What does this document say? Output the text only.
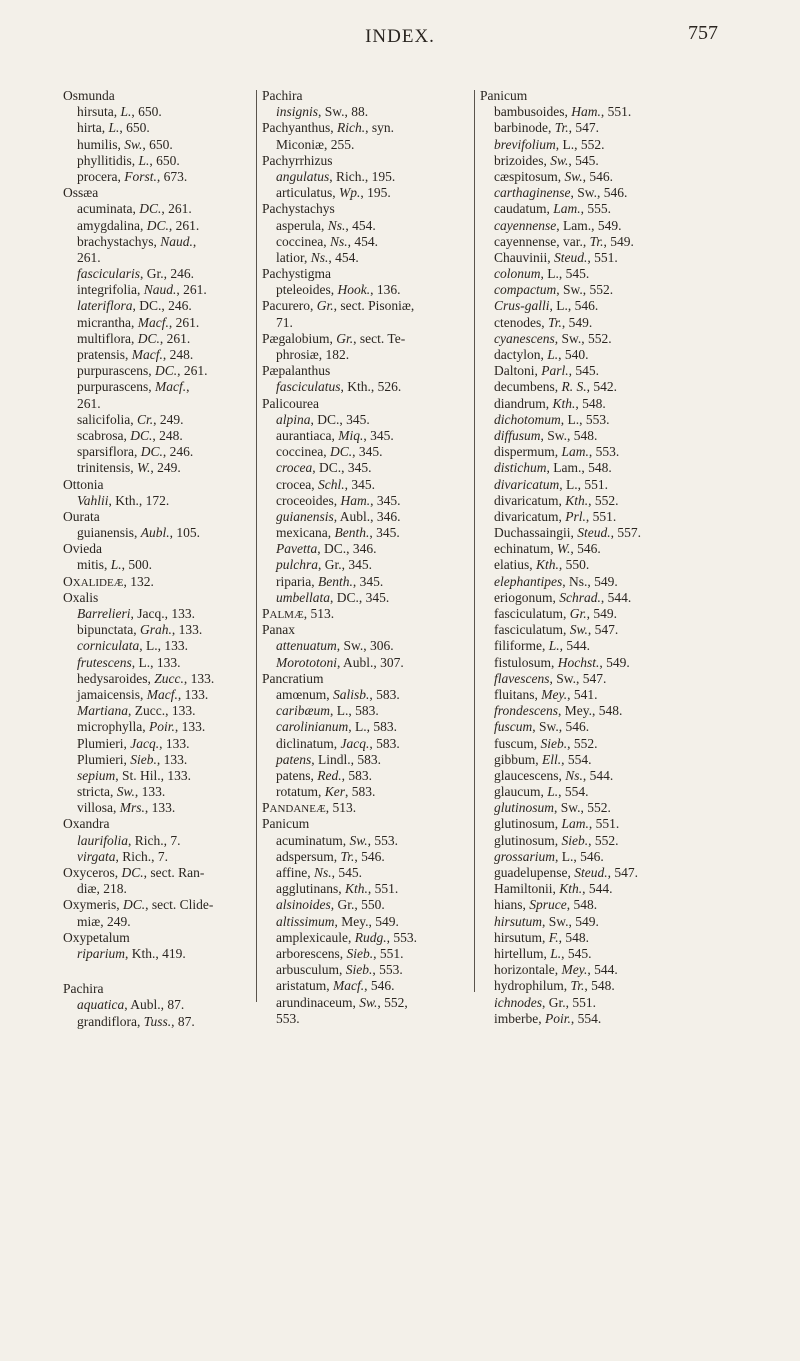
INDEX.	757
Osmunda
hirsuta, L., 650.
hirta, L., 650.
humilis, Sw., 650.
phyllitidis, L., 650.
procera, Forst., 673.
Ossæa
acuminata, DC., 261.
amygdalina, DC., 261.
brachystachys, Naud.,
261.
fascicularis, Gr., 246.
integrifolia, Naud., 261.
lateriflora, DC., 246.
micrantha, Macf., 261.
multiflora, DC., 261.
pratensis, Macf., 248.
purpurascens, DC., 261.
purpurascens, Macf.,
261.
salicifolia, Cr., 249.
scabrosa, DC., 248.
sparsiflora, DC., 246.
trinitensis, W., 249.
Ottonia
Vahlii, Kth., 172.
Ourata
guianensis, Aubl., 105.
Ovieda
mitis, L., 500.
OXALIDEÆ, 132.
Oxalis
Barrelieri, Jacq., 133.
bipunctata, Grah., 133.
corniculata, L., 133.
frutescens, L., 133.
hedysaroides, Zucc., 133.
jamaicensis, Macf., 133.
Martiana, Zucc., 133.
microphylla, Poir., 133.
Plumieri, Jacq., 133.
Plumieri, Sieb., 133.
sepium, St. Hil., 133.
stricta, Sw., 133.
villosa, Mrs., 133.
Oxandra
laurifolia, Rich., 7.
virgata, Rich., 7.
Oxyceros, DC., sect. Ran-
diæ, 218.
Oxymeris, DC., sect. Clide-
miæ, 249.
Oxypetalum
riparium, Kth., 419.
Pachira
aquatica, Aubl., 87.
grandiflora, Tuss., 87.
Pachira
insignis, Sw., 88.
Pachyanthus, Rich., syn.
Miconiæ, 255.
Pachyrrhizus
angulatus, Rich., 195.
articulatus, Wp., 195.
Pachystachys
asperula, Ns., 454.
coccinea, Ns., 454.
latior, Ns., 454.
Pachystigma
pteleoides, Hook., 136.
Pacurero, Gr., sect. Pisoniæ,
71.
Pægalobium, Gr., sect. Te-
phrosiæ, 182.
Pæpalanthus
fasciculatus, Kth., 526.
Palicourea
alpina, DC., 345.
aurantiaca, Miq., 345.
coccinea, DC., 345.
crocea, DC., 345.
crocea, Schl., 345.
croceoides, Ham., 345.
guianensis, Aubl., 346.
mexicana, Benth., 345.
Pavetta, DC., 346.
pulchra, Gr., 345.
riparia, Benth., 345.
umbellata, DC., 345.
PALMÆ, 513.
Panax
attenuatum, Sw., 306.
Morototoni, Aubl., 307.
Pancratium
amœnum, Salisb., 583.
caribæum, L., 583.
carolinianum, L., 583.
diclinatum, Jacq., 583.
patens, Lindl., 583.
patens, Red., 583.
rotatum, Ker, 583.
PANDANEÆ, 513.
Panicum
acuminatum, Sw., 553.
adspersum, Tr., 546.
affine, Ns., 545.
agglutinans, Kth., 551.
alsinoides, Gr., 550.
altissimum, Mey., 549.
amplexicaule, Rudg., 553.
arborescens, Sieb., 551.
arbusculum, Sieb., 553.
aristatum, Macf., 546.
arundinaceum, Sw., 552,
553.
Panicum
bambusoides, Ham., 551.
barbinode, Tr., 547.
brevifolium, L., 552.
brizoides, Sw., 545.
cæspitosum, Sw., 546.
carthaginense, Sw., 546.
caudatum, Lam., 555.
cayennense, Lam., 549.
cayennense, var., Tr., 549.
Chauvinii, Steud., 551.
colonum, L., 545.
compactum, Sw., 552.
Crus-galli, L., 546.
ctenodes, Tr., 549.
cyanescens, Sw., 552.
dactylon, L., 540.
Daltoni, Parl., 545.
decumbens, R. S., 542.
diandrum, Kth., 548.
dichotomum, L., 553.
diffusum, Sw., 548.
dispermum, Lam., 553.
distichum, Lam., 548.
divaricatum, L., 551.
divaricatum, Kth., 552.
divaricatum, Prl., 551.
Duchassaingii, Steud., 557.
echinatum, W., 546.
elatius, Kth., 550.
elephantipes, Ns., 549.
eriogonum, Schrad., 544.
fasciculatum, Gr., 549.
fasciculatum, Sw., 547.
filiforme, L., 544.
fistulosum, Hochst., 549.
flavescens, Sw., 547.
fluitans, Mey., 541.
frondescens, Mey., 548.
fuscum, Sw., 546.
fuscum, Sieb., 552.
gibbum, Ell., 554.
glaucescens, Ns., 544.
glaucum, L., 554.
glutinosum, Sw., 552.
glutinosum, Lam., 551.
glutinosum, Sieb., 552.
grossarium, L., 546.
guadelupense, Steud., 547.
Hamiltonii, Kth., 544.
hians, Spruce, 548.
hirsutum, Sw., 549.
hirsutum, F., 548.
hirtellum, L., 545.
horizontale, Mey., 544.
hydrophilum, Tr., 548.
ichnodes, Gr., 551.
imberbe, Poir., 554.
